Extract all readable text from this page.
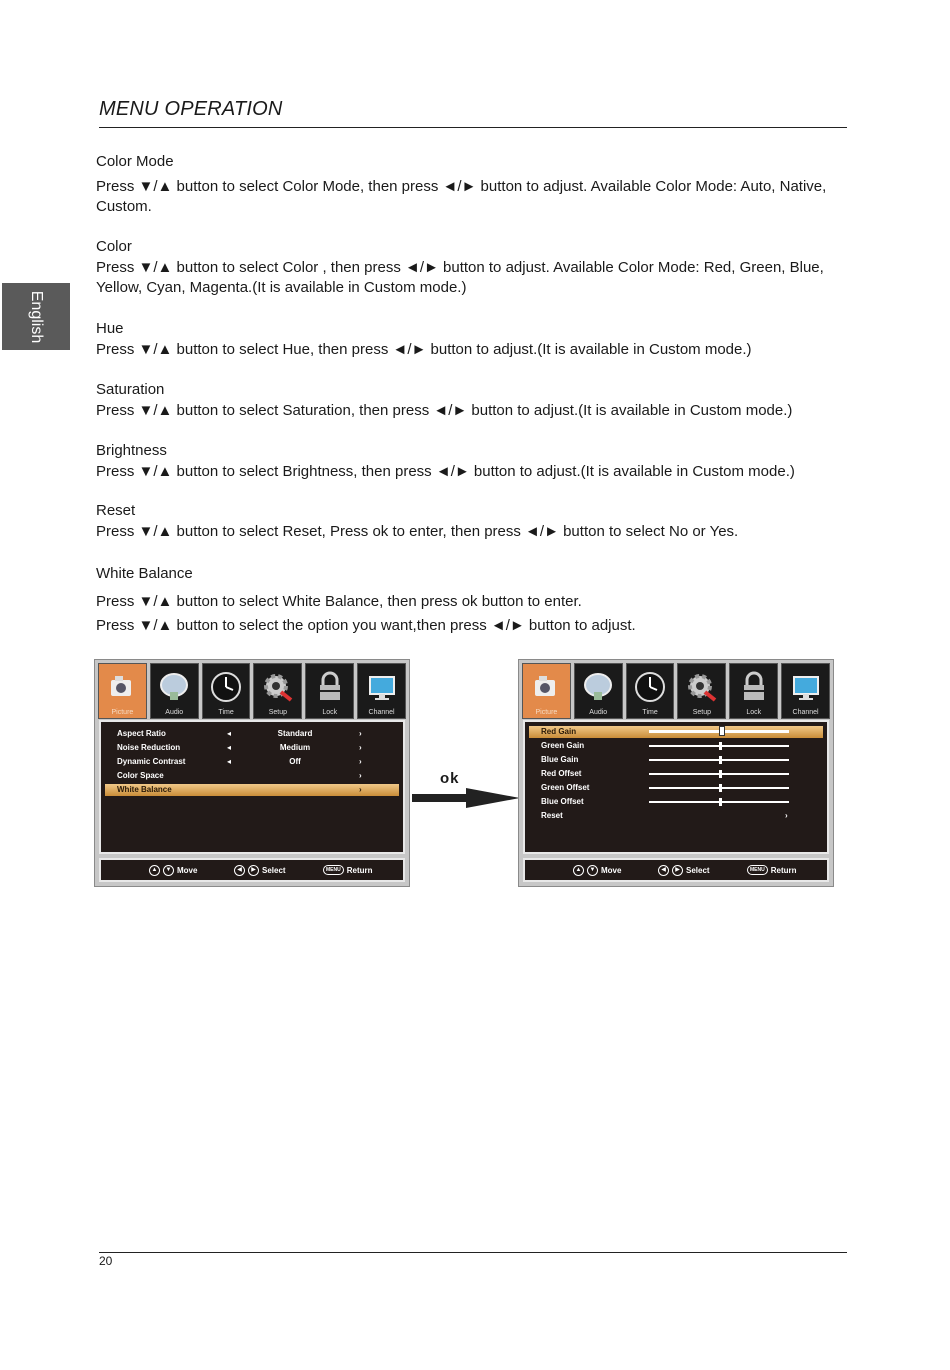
MENU OPERATION
English
Color Mode

Press ▼/▲ button to select Color Mode, then press ◄/► button to adjust. Available Color Mode: Auto, Native, Custom.

Color

Press ▼/▲ button to select Color , then press ◄/► button to adjust. Available Color Mode: Red, Green, Blue, Yellow, Cyan, Magenta.(It is available in Custom mode.)

Hue

Press ▼/▲ button to select Hue, then press ◄/► button to adjust.(It is available in Custom mode.)

Saturation

Press ▼/▲ button to select Saturation, then press ◄/► button to adjust.(It is available in Custom mode.)

Brightness

Press ▼/▲ button to select Brightness, then press ◄/► button to adjust.(It is available in Custom mode.)

Reset

Press ▼/▲ button to select Reset, Press ok to enter, then press ◄/► button to select No or Yes.

White Balance
Press ▼/▲ button to select White Balance, then press ok button to enter.
Press ▼/▲ button to select the option you want,then press ◄/► button to adjust.
Picture	Audio	Time	Setup	Lock	Channel
Aspect Ratio	◂	Standard	›
Noise Reduction	◂	Medium	›
Dynamic Contrast	◂	Off	›
Color Space	›
White Balance	›
▲	▼ Move	◀	▶ Select	MENU Return
ok
Picture	Audio	Time	Setup	Lock	Channel
Red Gain
Green Gain
Blue Gain
Red Offset
Green Offset
Blue Offset
Reset	›
▲	▼ Move	◀	▶ Select	MENU Return
20
